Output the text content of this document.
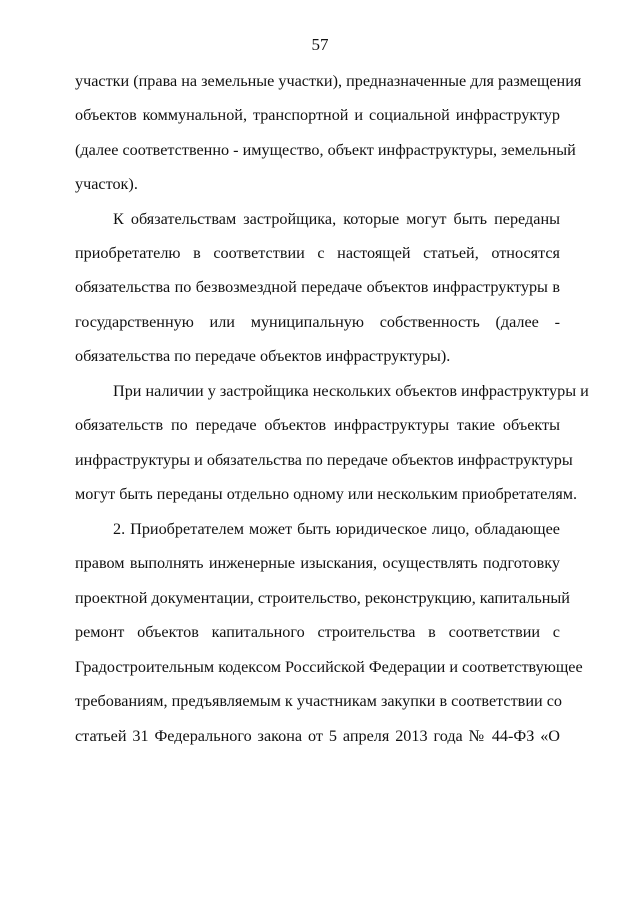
57
участки (права на земельные участки), предназначенные для размещения
объектов коммунальной, транспортной и социальной инфраструктур
(далее соответственно - имущество, объект инфраструктуры, земельный
участок).
К обязательствам застройщика, которые могут быть переданы
приобретателю в соответствии с настоящей статьей, относятся
обязательства по безвозмездной передаче объектов инфраструктуры в
государственную или муниципальную собственность (далее -
обязательства по передаче объектов инфраструктуры).
При наличии у застройщика нескольких объектов инфраструктуры и
обязательств по передаче объектов инфраструктуры такие объекты
инфраструктуры и обязательства по передаче объектов инфраструктуры
могут быть переданы отдельно одному или нескольким приобретателям.
2. Приобретателем может быть юридическое лицо, обладающее
правом выполнять инженерные изыскания, осуществлять подготовку
проектной документации, строительство, реконструкцию, капитальный
ремонт объектов капитального строительства в соответствии с
Градостроительным кодексом Российской Федерации и соответствующее
требованиям, предъявляемым к участникам закупки в соответствии со
статьей 31 Федерального закона от 5 апреля 2013 года № 44-ФЗ «О
